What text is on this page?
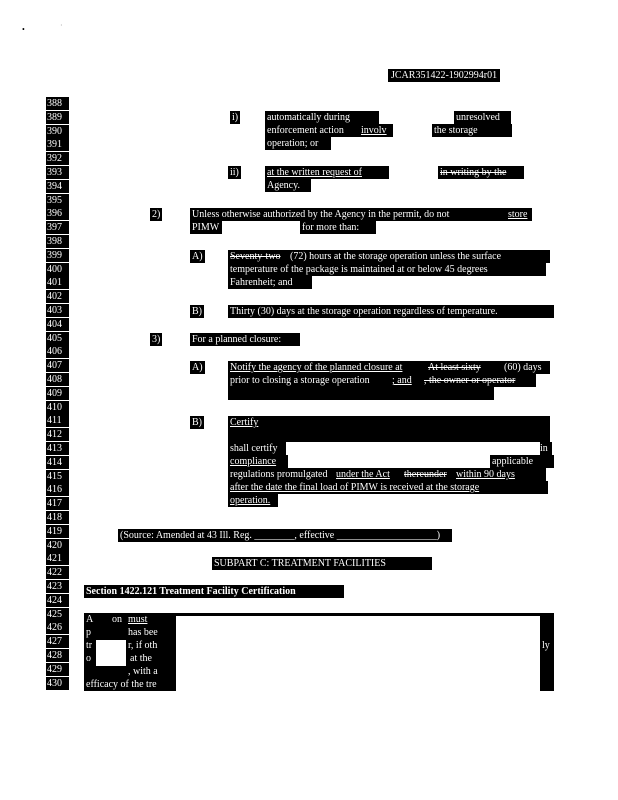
•	·
JCAR351422-1902994r01
388
389
390
391
392
393
394
395
396
397
398
399
400
401
402
403
404
405
406
407
408
409
410
411
412
413
414
415
416
417
418
419
420
421
422
423
424
425
426
427
428
429
430
i)	automatically during	unresolved
enforcement action	involv	the storage
operation; or
ii)	at the written request of	in writing by the
Agency.
2)	Unless otherwise authorized by the Agency in the permit, do not	store
PIMW	for more than:
A)	Seventy-two (72) hours at the storage operation unless the surface
temperature of the package is maintained at or below 45 degrees
Fahrenheit; and
B)	Thirty (30) days at the storage operation regardless of temperature.
3)	For a planned closure:
A)	Notify the agency of the planned closure at	At least sixty	(60) days
prior to closing a storage operation	; and	, the owner or operator
B)	Certify
shall certify	in
compliance	applicable
regulations promulgated under the Act	thereunder within 90 days
after the date the final load of PIMW is received at the storage
operation.
(Source: Amended at 43 Ill. Reg. ________, effective ____________________)
SUBPART C: TREATMENT FACILITIES
Section 1422.121 Treatment Facility Certification
A on must
p	has bee
tr	r, if oth	ly
o	at the
, with a
efficacy of the tre
